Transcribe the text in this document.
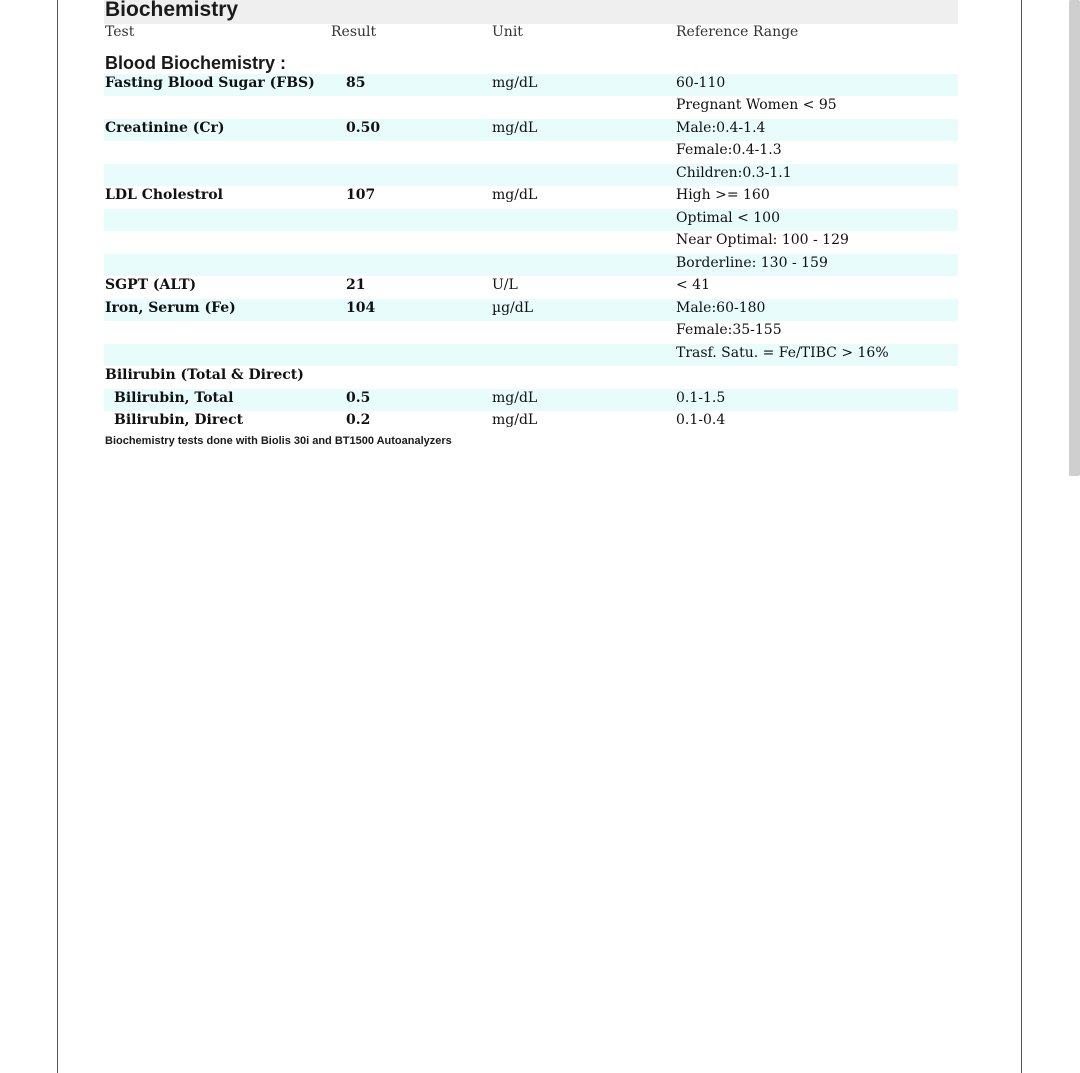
Biochemistry
Test	Result	Unit	Reference Range
Blood Biochemistry :
Fasting Blood Sugar (FBS) 85	mg/dL	60-110
Pregnant Women < 95
Creatinine (Cr)	0.50	mg/dL	Male:0.4-1.4
Female:0.4-1.3
Children:0.3-1.1
LDL Cholestrol	107	mg/dL	High >= 160
Optimal < 100
Near Optimal: 100 - 129
Borderline: 130 - 159
SGPT (ALT)	21	U/L	< 41
Iron, Serum (Fe)	104	µg/dL	Male:60-180
Female:35-155
Trasf. Satu. = Fe/TIBC > 16%
Bilirubin (Total & Direct)
Bilirubin, Total	0.5	mg/dL	0.1-1.5
Bilirubin, Direct	0.2	mg/dL	0.1-0.4
Biochemistry tests done with Biolis 30i and BT1500 Autoanalyzers
